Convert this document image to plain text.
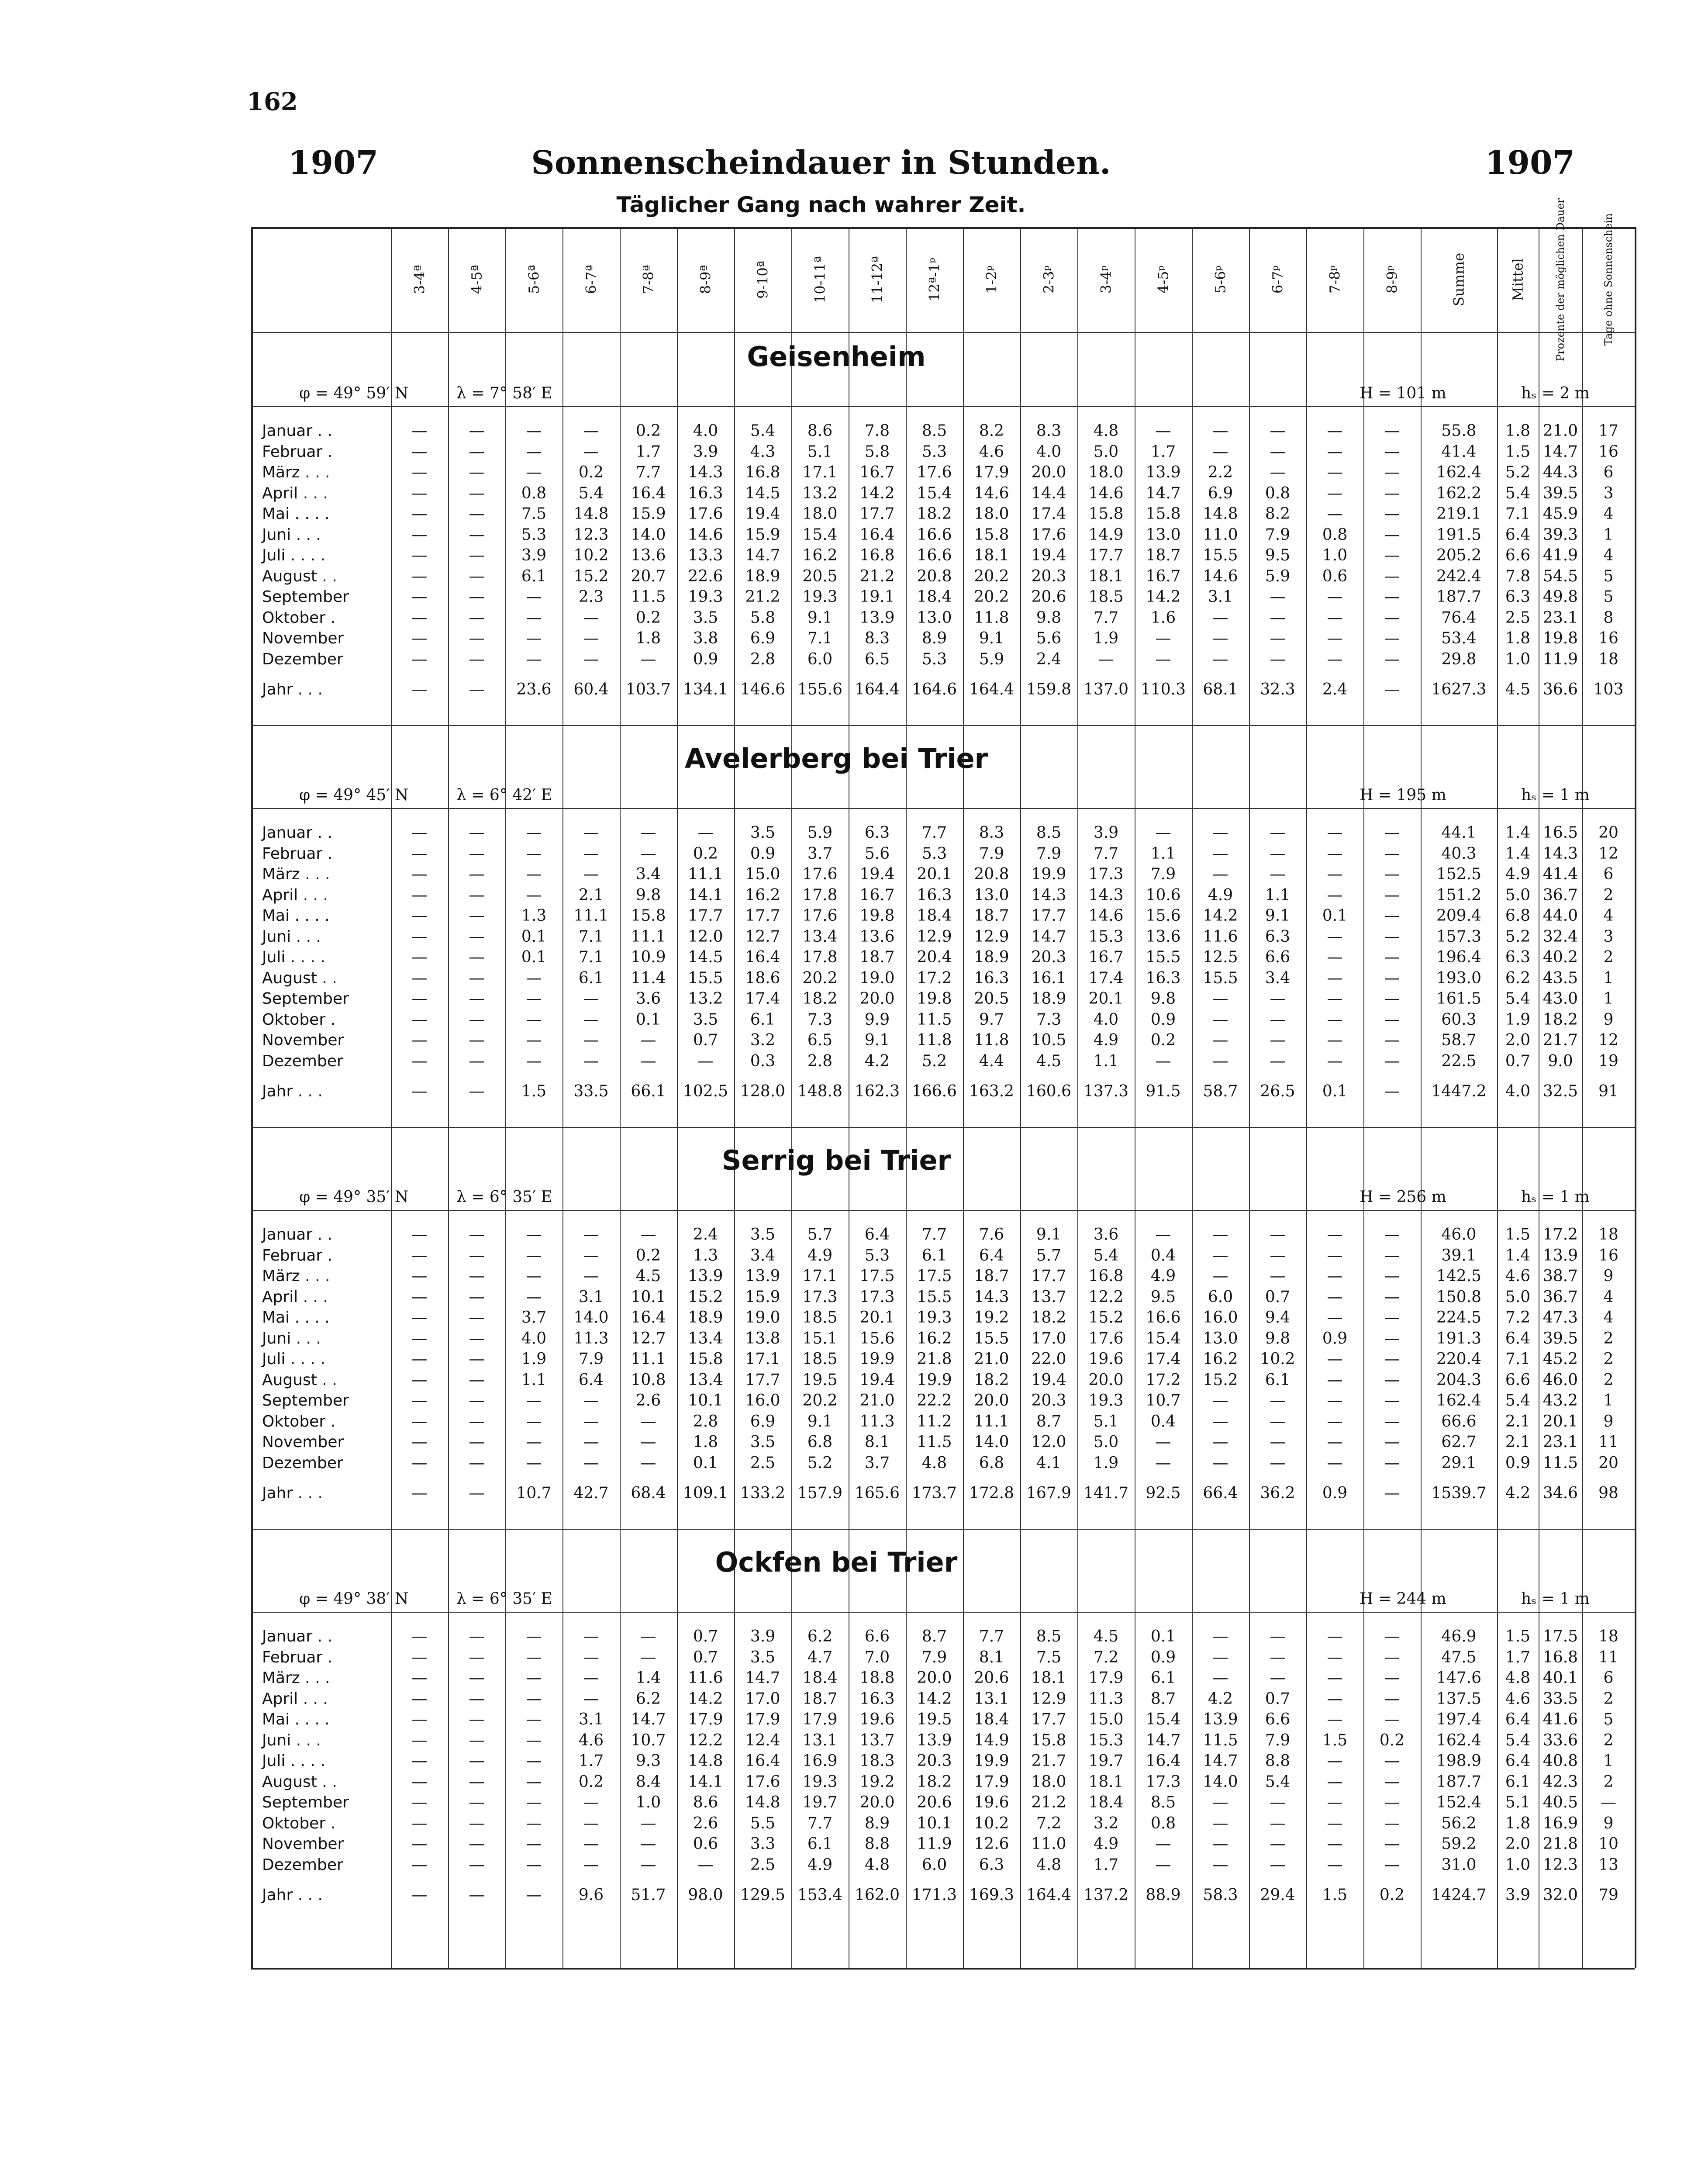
162
1907	Sonnenscheindauer in Stunden.	1907
Täglicher Gang nach wahrer Zeit.
3-4ª	4-5ª	5-6ª	6-7ª	7-8ª	8-9ª	9-10ª	10-11ª	11-12ª	12ª-1ᵖ	1-2ᵖ	2-3ᵖ	3-4ᵖ	4-5ᵖ	5-6ᵖ	6-7ᵖ	7-8ᵖ	8-9ᵖ	Summe	Mittel	Prozente der möglichen Dauer	Tage ohne Sonnenschein
Geisenheim
φ = 49° 59′ N	λ = 7° 58′ E	H = 101 m	hₛ = 2 m
Januar . .	—	—	—	—	0.2	4.0	5.4	8.6	7.8	8.5	8.2	8.3	4.8	—	—	—	—	—	55.8	1.8 21.0	17
Februar .	—	—	—	—	1.7	3.9	4.3	5.1	5.8	5.3	4.6	4.0	5.0	1.7	—	—	—	—	41.4	1.5 14.7	16
März . . .	—	—	—	0.2	7.7	14.3	16.8	17.1	16.7	17.6	17.9	20.0	18.0	13.9	2.2	—	—	—	162.4	5.2 44.3	6
April . . .	—	—	0.8	5.4	16.4	16.3	14.5	13.2	14.2	15.4	14.6	14.4	14.6	14.7	6.9	0.8	—	—	162.2	5.4 39.5	3
Mai . . . .	—	—	7.5	14.8	15.9	17.6	19.4	18.0	17.7	18.2	18.0	17.4	15.8	15.8	14.8	8.2	—	—	219.1	7.1 45.9	4
Juni . . .	—	—	5.3	12.3	14.0	14.6	15.9	15.4	16.4	16.6	15.8	17.6	14.9	13.0	11.0	7.9	0.8	—	191.5	6.4 39.3	1
Juli . . . .	—	—	3.9	10.2	13.6	13.3	14.7	16.2	16.8	16.6	18.1	19.4	17.7	18.7	15.5	9.5	1.0	—	205.2	6.6 41.9	4
August . .	—	—	6.1	15.2	20.7	22.6	18.9	20.5	21.2	20.8	20.2	20.3	18.1	16.7	14.6	5.9	0.6	—	242.4	7.8 54.5	5
September	—	—	—	2.3	11.5	19.3	21.2	19.3	19.1	18.4	20.2	20.6	18.5	14.2	3.1	—	—	—	187.7	6.3 49.8	5
Oktober .	—	—	—	—	0.2	3.5	5.8	9.1	13.9	13.0	11.8	9.8	7.7	1.6	—	—	—	—	76.4	2.5 23.1	8
November	—	—	—	—	1.8	3.8	6.9	7.1	8.3	8.9	9.1	5.6	1.9	—	—	—	—	—	53.4	1.8 19.8	16
Dezember	—	—	—	—	—	0.9	2.8	6.0	6.5	5.3	5.9	2.4	—	—	—	—	—	—	29.8	1.0 11.9	18
Jahr . . .	—	—	23.6	60.4	103.7 134.1 146.6 155.6 164.4 164.6 164.4 159.8 137.0 110.3	68.1	32.3	2.4	—	1627.3	4.5 36.6 103
Avelerberg bei Trier
φ = 49° 45′ N	λ = 6° 42′ E	H = 195 m	hₛ = 1 m
Januar . .	—	—	—	—	—	—	3.5	5.9	6.3	7.7	8.3	8.5	3.9	—	—	—	—	—	44.1	1.4 16.5	20
Februar .	—	—	—	—	—	0.2	0.9	3.7	5.6	5.3	7.9	7.9	7.7	1.1	—	—	—	—	40.3	1.4 14.3	12
März . . .	—	—	—	—	3.4	11.1	15.0	17.6	19.4	20.1	20.8	19.9	17.3	7.9	—	—	—	—	152.5	4.9 41.4	6
April . . .	—	—	—	2.1	9.8	14.1	16.2	17.8	16.7	16.3	13.0	14.3	14.3	10.6	4.9	1.1	—	—	151.2	5.0 36.7	2
Mai . . . .	—	—	1.3	11.1	15.8	17.7	17.7	17.6	19.8	18.4	18.7	17.7	14.6	15.6	14.2	9.1	0.1	—	209.4	6.8 44.0	4
Juni . . .	—	—	0.1	7.1	11.1	12.0	12.7	13.4	13.6	12.9	12.9	14.7	15.3	13.6	11.6	6.3	—	—	157.3	5.2 32.4	3
Juli . . . .	—	—	0.1	7.1	10.9	14.5	16.4	17.8	18.7	20.4	18.9	20.3	16.7	15.5	12.5	6.6	—	—	196.4	6.3 40.2	2
August . .	—	—	—	6.1	11.4	15.5	18.6	20.2	19.0	17.2	16.3	16.1	17.4	16.3	15.5	3.4	—	—	193.0	6.2 43.5	1
September	—	—	—	—	3.6	13.2	17.4	18.2	20.0	19.8	20.5	18.9	20.1	9.8	—	—	—	—	161.5	5.4 43.0	1
Oktober .	—	—	—	—	0.1	3.5	6.1	7.3	9.9	11.5	9.7	7.3	4.0	0.9	—	—	—	—	60.3	1.9 18.2	9
November	—	—	—	—	—	0.7	3.2	6.5	9.1	11.8	11.8	10.5	4.9	0.2	—	—	—	—	58.7	2.0 21.7	12
Dezember	—	—	—	—	—	—	0.3	2.8	4.2	5.2	4.4	4.5	1.1	—	—	—	—	—	22.5	0.7	9.0	19
Jahr . . .	—	—	1.5	33.5	66.1	102.5 128.0 148.8 162.3 166.6 163.2 160.6 137.3	91.5	58.7	26.5	0.1	—	1447.2	4.0 32.5	91
Serrig bei Trier
φ = 49° 35′ N	λ = 6° 35′ E	H = 256 m	hₛ = 1 m
Januar . .	—	—	—	—	—	2.4	3.5	5.7	6.4	7.7	7.6	9.1	3.6	—	—	—	—	—	46.0	1.5 17.2	18
Februar .	—	—	—	—	0.2	1.3	3.4	4.9	5.3	6.1	6.4	5.7	5.4	0.4	—	—	—	—	39.1	1.4 13.9	16
März . . .	—	—	—	—	4.5	13.9	13.9	17.1	17.5	17.5	18.7	17.7	16.8	4.9	—	—	—	—	142.5	4.6 38.7	9
April . . .	—	—	—	3.1	10.1	15.2	15.9	17.3	17.3	15.5	14.3	13.7	12.2	9.5	6.0	0.7	—	—	150.8	5.0 36.7	4
Mai . . . .	—	—	3.7	14.0	16.4	18.9	19.0	18.5	20.1	19.3	19.2	18.2	15.2	16.6	16.0	9.4	—	—	224.5	7.2 47.3	4
Juni . . .	—	—	4.0	11.3	12.7	13.4	13.8	15.1	15.6	16.2	15.5	17.0	17.6	15.4	13.0	9.8	0.9	—	191.3	6.4 39.5	2
Juli . . . .	—	—	1.9	7.9	11.1	15.8	17.1	18.5	19.9	21.8	21.0	22.0	19.6	17.4	16.2	10.2	—	—	220.4	7.1 45.2	2
August . .	—	—	1.1	6.4	10.8	13.4	17.7	19.5	19.4	19.9	18.2	19.4	20.0	17.2	15.2	6.1	—	—	204.3	6.6 46.0	2
September	—	—	—	—	2.6	10.1	16.0	20.2	21.0	22.2	20.0	20.3	19.3	10.7	—	—	—	—	162.4	5.4 43.2	1
Oktober .	—	—	—	—	—	2.8	6.9	9.1	11.3	11.2	11.1	8.7	5.1	0.4	—	—	—	—	66.6	2.1 20.1	9
November	—	—	—	—	—	1.8	3.5	6.8	8.1	11.5	14.0	12.0	5.0	—	—	—	—	—	62.7	2.1 23.1	11
Dezember	—	—	—	—	—	0.1	2.5	5.2	3.7	4.8	6.8	4.1	1.9	—	—	—	—	—	29.1	0.9 11.5	20
Jahr . . .	—	—	10.7	42.7	68.4	109.1 133.2 157.9 165.6 173.7 172.8 167.9 141.7	92.5	66.4	36.2	0.9	—	1539.7	4.2 34.6	98
Ockfen bei Trier
φ = 49° 38′ N	λ = 6° 35′ E	H = 244 m	hₛ = 1 m
Januar . .	—	—	—	—	—	0.7	3.9	6.2	6.6	8.7	7.7	8.5	4.5	0.1	—	—	—	—	46.9	1.5 17.5	18
Februar .	—	—	—	—	—	0.7	3.5	4.7	7.0	7.9	8.1	7.5	7.2	0.9	—	—	—	—	47.5	1.7 16.8	11
März . . .	—	—	—	—	1.4	11.6	14.7	18.4	18.8	20.0	20.6	18.1	17.9	6.1	—	—	—	—	147.6	4.8 40.1	6
April . . .	—	—	—	—	6.2	14.2	17.0	18.7	16.3	14.2	13.1	12.9	11.3	8.7	4.2	0.7	—	—	137.5	4.6 33.5	2
Mai . . . .	—	—	—	3.1	14.7	17.9	17.9	17.9	19.6	19.5	18.4	17.7	15.0	15.4	13.9	6.6	—	—	197.4	6.4 41.6	5
Juni . . .	—	—	—	4.6	10.7	12.2	12.4	13.1	13.7	13.9	14.9	15.8	15.3	14.7	11.5	7.9	1.5	0.2	162.4	5.4 33.6	2
Juli . . . .	—	—	—	1.7	9.3	14.8	16.4	16.9	18.3	20.3	19.9	21.7	19.7	16.4	14.7	8.8	—	—	198.9	6.4 40.8	1
August . .	—	—	—	0.2	8.4	14.1	17.6	19.3	19.2	18.2	17.9	18.0	18.1	17.3	14.0	5.4	—	—	187.7	6.1 42.3	2
September	—	—	—	—	1.0	8.6	14.8	19.7	20.0	20.6	19.6	21.2	18.4	8.5	—	—	—	—	152.4	5.1 40.5	—
Oktober .	—	—	—	—	—	2.6	5.5	7.7	8.9	10.1	10.2	7.2	3.2	0.8	—	—	—	—	56.2	1.8 16.9	9
November	—	—	—	—	—	0.6	3.3	6.1	8.8	11.9	12.6	11.0	4.9	—	—	—	—	—	59.2	2.0 21.8	10
Dezember	—	—	—	—	—	—	2.5	4.9	4.8	6.0	6.3	4.8	1.7	—	—	—	—	—	31.0	1.0 12.3	13
Jahr . . .	—	—	—	9.6	51.7	98.0	129.5 153.4 162.0 171.3 169.3 164.4 137.2	88.9	58.3	29.4	1.5	0.2	1424.7	3.9 32.0	79
